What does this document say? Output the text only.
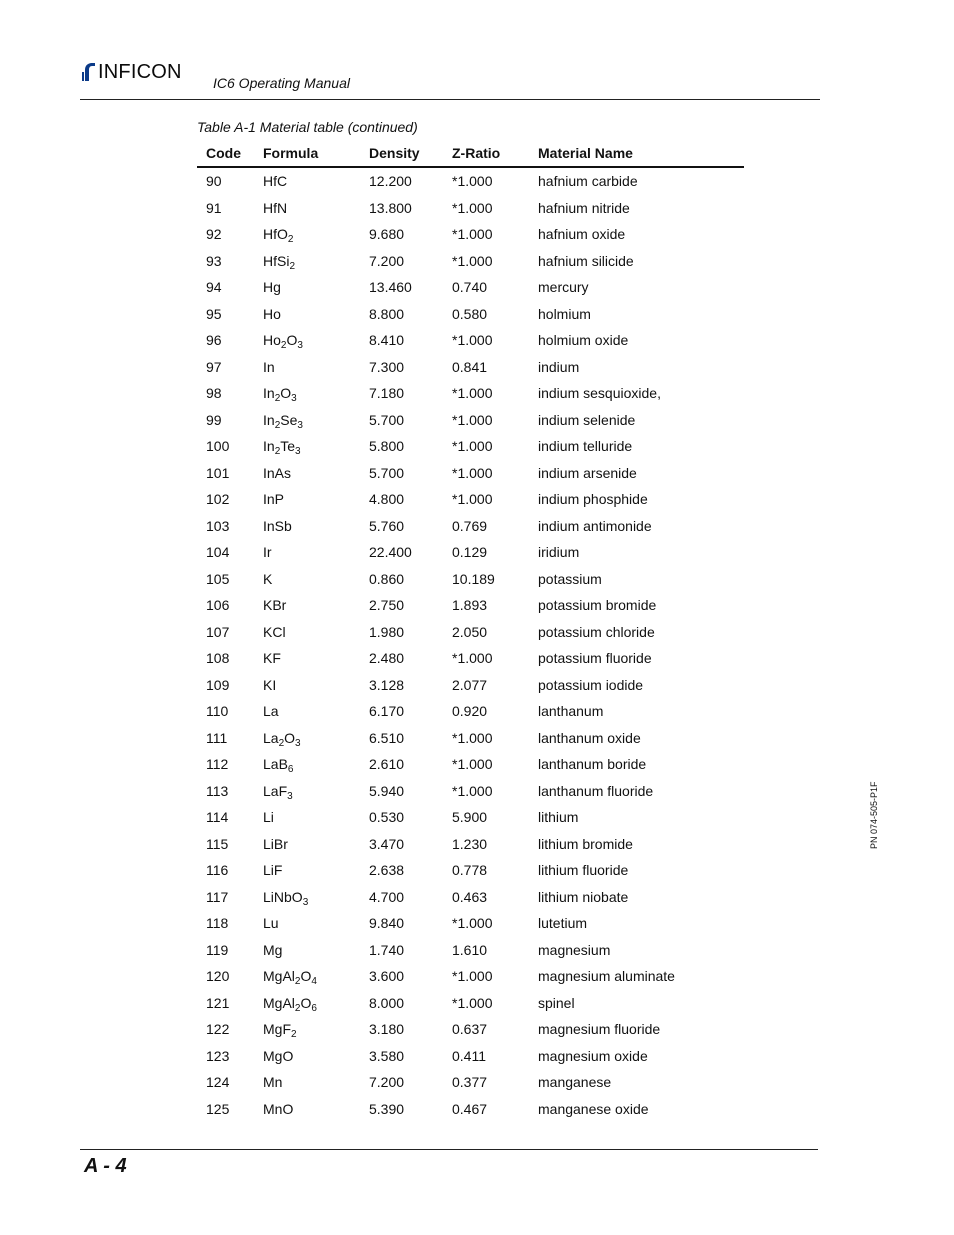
INFICON IC6 Operating Manual
Table A-1 Material table (continued)
Code Formula	Density Z-Ratio	Material Name
90	HfC	12.200	*1.000	hafnium carbide
91	HfN	13.800	*1.000	hafnium nitride
92	HfO$_2$	9.680	*1.000	hafnium oxide
93	HfSi$_2$	7.200	*1.000	hafnium silicide
94	Hg	13.460	0.740	mercury
95	Ho	8.800	0.580	holmium
96	$Ho_2O_3$	8.410	*1.000	holmium oxide
97	In	7.300	0.841	indium
98	$In_2O_3$	7.180	*1.000	indium sesquioxide,
99	$In_2Se_3$	5.700	*1.000	indium selenide
100 $In_2Te_3$	5.800	*1.000	indium telluride
101 InAs	5.700	*1.000	indium arsenide
102 InP	4.800	*1.000	indium phosphide
103 InSb	5.760	0.769	indium antimonide
104 Ir	22.400	0.129	iridium
105 K	0.860	10.189	potassium
106 KBr	2.750	1.893	potassium bromide
107 KCl	1.980	2.050	potassium chloride
108 KF	2.480	*1.000	potassium fluoride
109 KI	3.128	2.077	potassium iodide
110 La	6.170	0.920	lanthanum
111	$La_2O_3$	6.510	*1.000	lanthanum oxide
112 LaB$_6$	2.610	*1.000	lanthanum boride
113 LaF$_3$	5.940	*1.000	lanthanum fluoride
114 Li	0.530	5.900	lithium
115 LiBr	3.470	1.230	lithium bromide
116 LiF	2.638	0.778	lithium fluoride
117 LiNbO$_3$	4.700	0.463	lithium niobate
118 Lu	9.840	*1.000	lutetium
119 Mg	1.740	1.610	magnesium
120 $MgAl_2O_4$	3.600	*1.000	magnesium aluminate
121 $MgAl_2O_6$	8.000	*1.000	spinel
122 MgF$_2$	3.180	0.637	magnesium fluoride
123 MgO	3.580	0.411	magnesium oxide
124 Mn	7.200	0.377	manganese
125 MnO	5.390	0.467	manganese oxide
PN 074-505-P1F
A - 4
